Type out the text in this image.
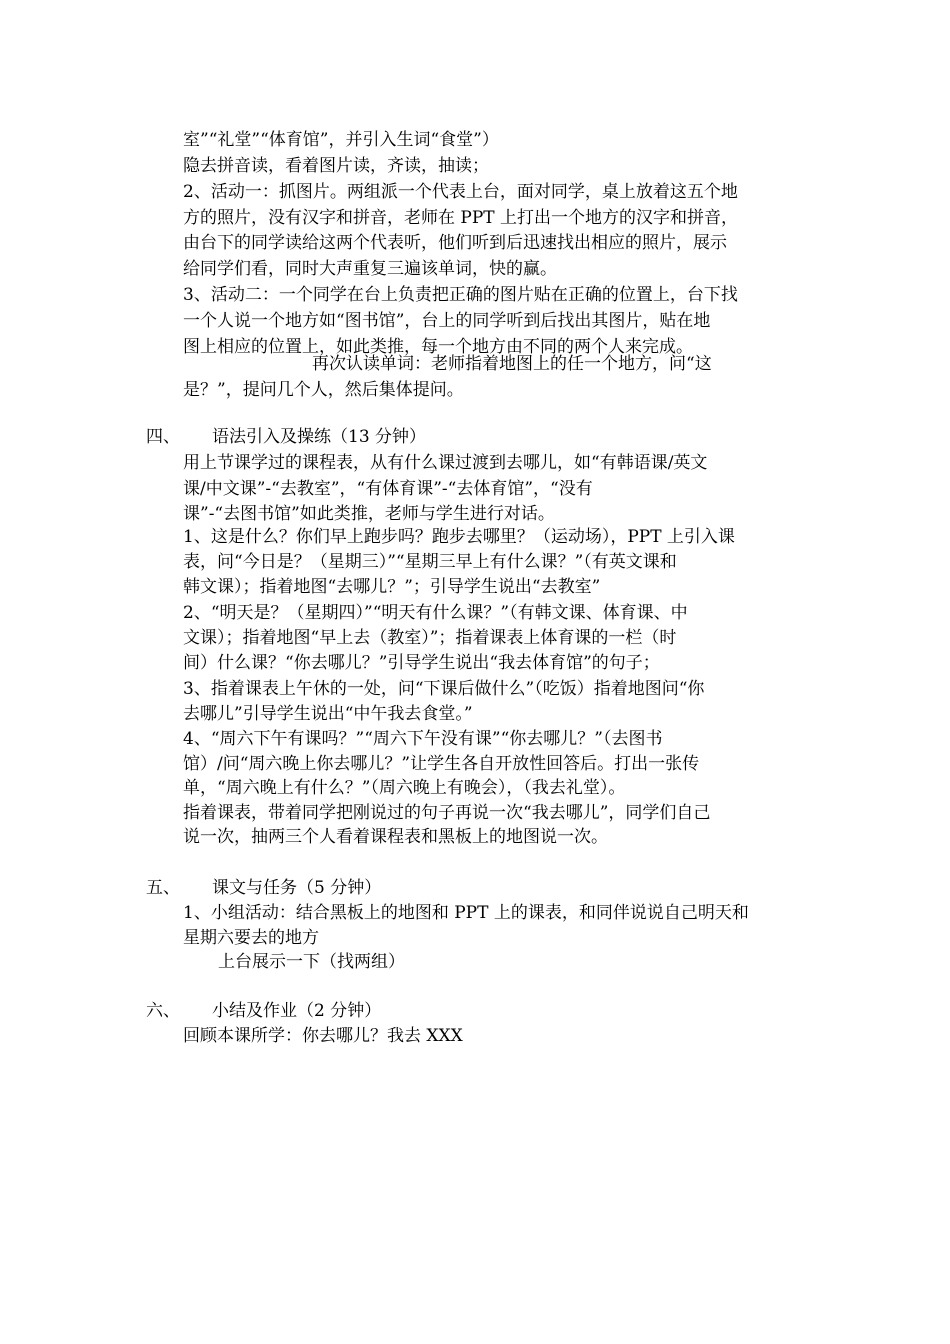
室”“礼堂”“体育馆”，并引入生词“食堂”）
隐去拼音读，看着图片读，齐读，抽读；
2、活动一：抓图片。两组派一个代表上台，面对同学，桌上放着这五个地
方的照片，没有汉字和拼音，老师在 PPT 上打出一个地方的汉字和拼音，
由台下的同学读给这两个代表听，他们听到后迅速找出相应的照片，展示
给同学们看，同时大声重复三遍该单词，快的赢。
3、活动二：一个同学在台上负责把正确的图片贴在正确的位置上，台下找
一个人说一个地方如“图书馆”，台上的同学听到后找出其图片，贴在地
图上相应的位置上，如此类推，每一个地方由不同的两个人来完成。
再次认读单词：老师指着地图上的任一个地方，问“这
是？”，提问几个人，然后集体提问。
四、 语法引入及操练（13 分钟）
用上节课学过的课程表，从有什么课过渡到去哪儿，如“有韩语课/英文
课/中文课”-“去教室”，“有体育课”-“去体育馆”，“没有
课”-“去图书馆”如此类推，老师与学生进行对话。
1、这是什么？你们早上跑步吗？跑步去哪里？（运动场），PPT 上引入课
表，问“今日是？（星期三）”“星期三早上有什么课？”（有英文课和
韩文课）；指着地图“去哪儿？”；引导学生说出“去教室”
2、“明天是？（星期四）”“明天有什么课？”（有韩文课、体育课、中
文课）；指着地图“早上去（教室）”；指着课表上体育课的一栏（时
间）什么课？“你去哪儿？”引导学生说出“我去体育馆”的句子；
3、指着课表上午休的一处，问“下课后做什么”（吃饭）指着地图问“你
去哪儿”引导学生说出“中午我去食堂。”
4、“周六下午有课吗？”“周六下午没有课”“你去哪儿？”（去图书
馆）/问“周六晚上你去哪儿？”让学生各自开放性回答后。打出一张传
单，“周六晚上有什么？”（周六晚上有晚会），（我去礼堂）。
指着课表，带着同学把刚说过的句子再说一次“我去哪儿”，同学们自己
说一次，抽两三个人看着课程表和黑板上的地图说一次。
五、 课文与任务（5 分钟）
1、小组活动：结合黑板上的地图和 PPT 上的课表，和同伴说说自己明天和
星期六要去的地方
上台展示一下（找两组）
六、 小结及作业（2 分钟）
回顾本课所学：你去哪儿？我去 XXX
